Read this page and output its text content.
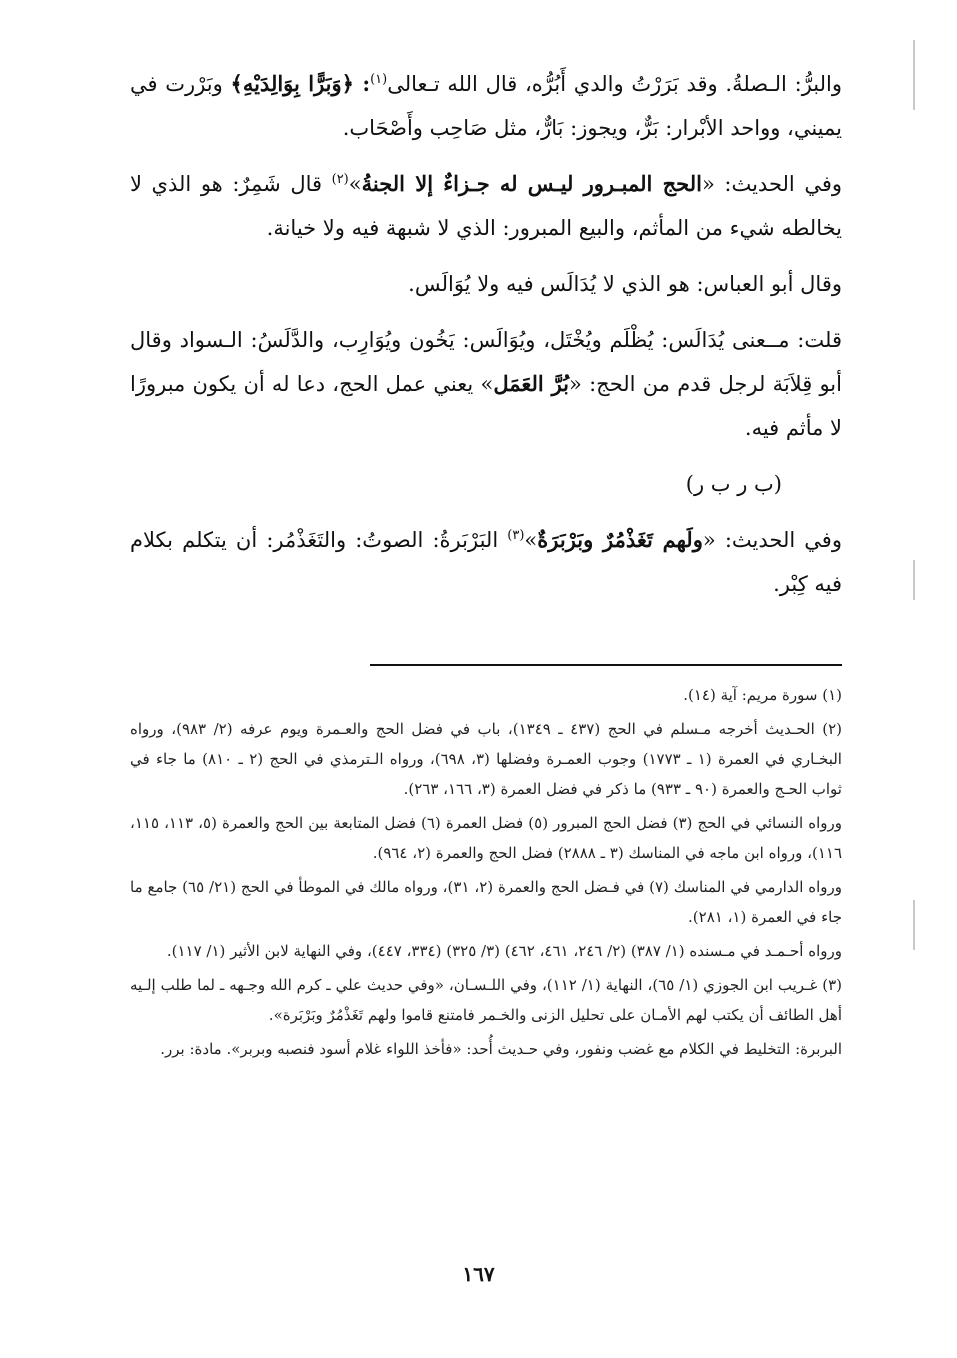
والبرُّ: الـصلةُ. وقد بَرَرْتُ والدي أَبُرُّه، قال الله تـعالى$^{(١)}$: ﴿وَبَرًّا بِوَالِدَيْهِ﴾ وبَرْرت في يميني، وواحد الأبْرار: بَرٌّ، ويجوز: بَارٌّ، مثل صَاحِب وأَصْحَاب.

وفي الحديث: «الحج المبـرور ليـس له جـزاءٌ إلا الجنةُ»$^{(٢)}$ قال شَمِرٌ: هو الذي لا يخالطه شيء من المأثم، والبيع المبرور: الذي لا شبهة فيه ولا خيانة.

وقال أبو العباس: هو الذي لا يُدَالَس فيه ولا يُوَالَس.

قلت: مــعنى يُدَالَس: يُظْلَم ويُخْتَل، ويُوَالَس: يَخُون ويُوَارِب، والدَّلَسُ: الـسواد وقال أبو قِلاَبَة لرجل قدم من الحج: «بُرَّ العَمَل» يعني عمل الحج، دعا له أن يكون مبرورًا لا مأثم فيه.

(ب ر ب ر)

وفي الحديث: «ولَهم تَغَذْمُرٌ وبَرْبَرَةٌ»$^{(٣)}$ البَرْبَرةُ: الصوتُ: والتَغَذْمُر: أن يتكلم بكلام فيه كِبْر.

(١) سورة مريم: آية (١٤).

(٢) الحـديث أخرجه مـسلم في الحج (٤٣٧ ـ ١٣٤٩)، باب في فضل الحج والعـمرة ويوم عرفه (٢/ ٩٨٣)، ورواه البخـاري في العمرة (١ ـ ١٧٧٣) وجوب العمـرة وفضلها (٣، ٦٩٨)، ورواه الـترمذي في الحج (٢ ـ ٨١٠) ما جاء في ثواب الحـج والعمرة (٩٠ ـ ٩٣٣) ما ذكر في فضل العمرة (٣، ١٦٦، ٢٦٣).

ورواه النسائي في الحج (٣) فضل الحج المبرور (٥) فضل العمرة (٦) فضل المتابعة بين الحج والعمرة (٥، ١١٣، ١١٥، ١١٦)، ورواه ابن ماجه في المناسك (٣ ـ ٢٨٨٨) فضل الحج والعمرة (٢، ٩٦٤).

ورواه الدارمي في المناسك (٧) في فـضل الحج والعمرة (٢، ٣١)، ورواه مالك في الموطأ في الحج (٢١/ ٦٥) جامع ما جاء في العمرة (١، ٢٨١).

ورواه أحـمـد في مـسنده (١/ ٣٨٧) (٢/ ٢٤٦، ٤٦١، ٤٦٢) (٣/ ٣٢٥) (٣٣٤، ٤٤٧)، وفي النهاية لابن الأثير (١/ ١١٧).

(٣) غـريب ابن الجوزي (١/ ٦٥)، النهاية (١/ ١١٢)، وفي اللـسـان، «وفي حديث علي ـ كرم الله وجـهه ـ لما طلب إلـيه أهل الطائف أن يكتب لهم الأمـان على تحليل الزنى والخـمر فامتنع قاموا ولهم تَغَذْمُرٌ وبَرْبَرة».

البربرة: التخليط في الكلام مع غضب ونفور، وفي حـديث أُحد: «فأخذ اللواء غلام أسود فنصبه وبربر». مادة: برر.

١٦٧
